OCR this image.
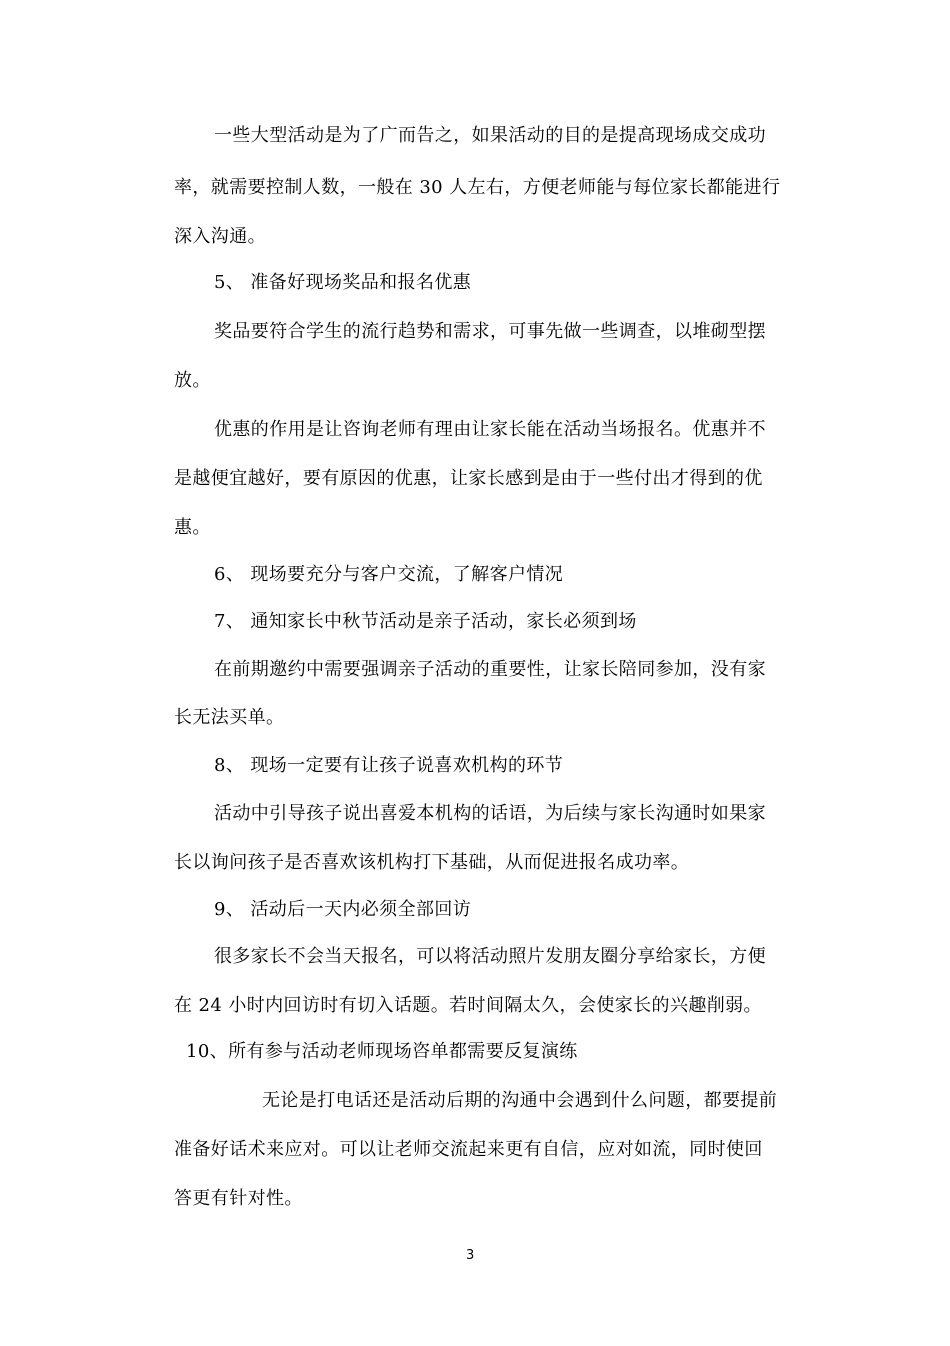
一些大型活动是为了广而告之，如果活动的目的是提高现场成交成功

率，就需要控制人数，一般在 30 人左右，方便老师能与每位家长都能进行

深入沟通。

5、 准备好现场奖品和报名优惠

奖品要符合学生的流行趋势和需求，可事先做一些调查，以堆砌型摆

放。

优惠的作用是让咨询老师有理由让家长能在活动当场报名。优惠并不

是越便宜越好，要有原因的优惠，让家长感到是由于一些付出才得到的优

惠。

6、 现场要充分与客户交流，了解客户情况

7、 通知家长中秋节活动是亲子活动，家长必须到场

在前期邀约中需要强调亲子活动的重要性，让家长陪同参加，没有家

长无法买单。

8、 现场一定要有让孩子说喜欢机构的环节

活动中引导孩子说出喜爱本机构的话语，为后续与家长沟通时如果家

长以询问孩子是否喜欢该机构打下基础，从而促进报名成功率。

9、 活动后一天内必须全部回访

很多家长不会当天报名，可以将活动照片发朋友圈分享给家长，方便

在 24 小时内回访时有切入话题。若时间隔太久，会使家长的兴趣削弱。

10、所有参与活动老师现场咨单都需要反复演练

无论是打电话还是活动后期的沟通中会遇到什么问题，都要提前

准备好话术来应对。可以让老师交流起来更有自信，应对如流，同时使回

答更有针对性。

3
